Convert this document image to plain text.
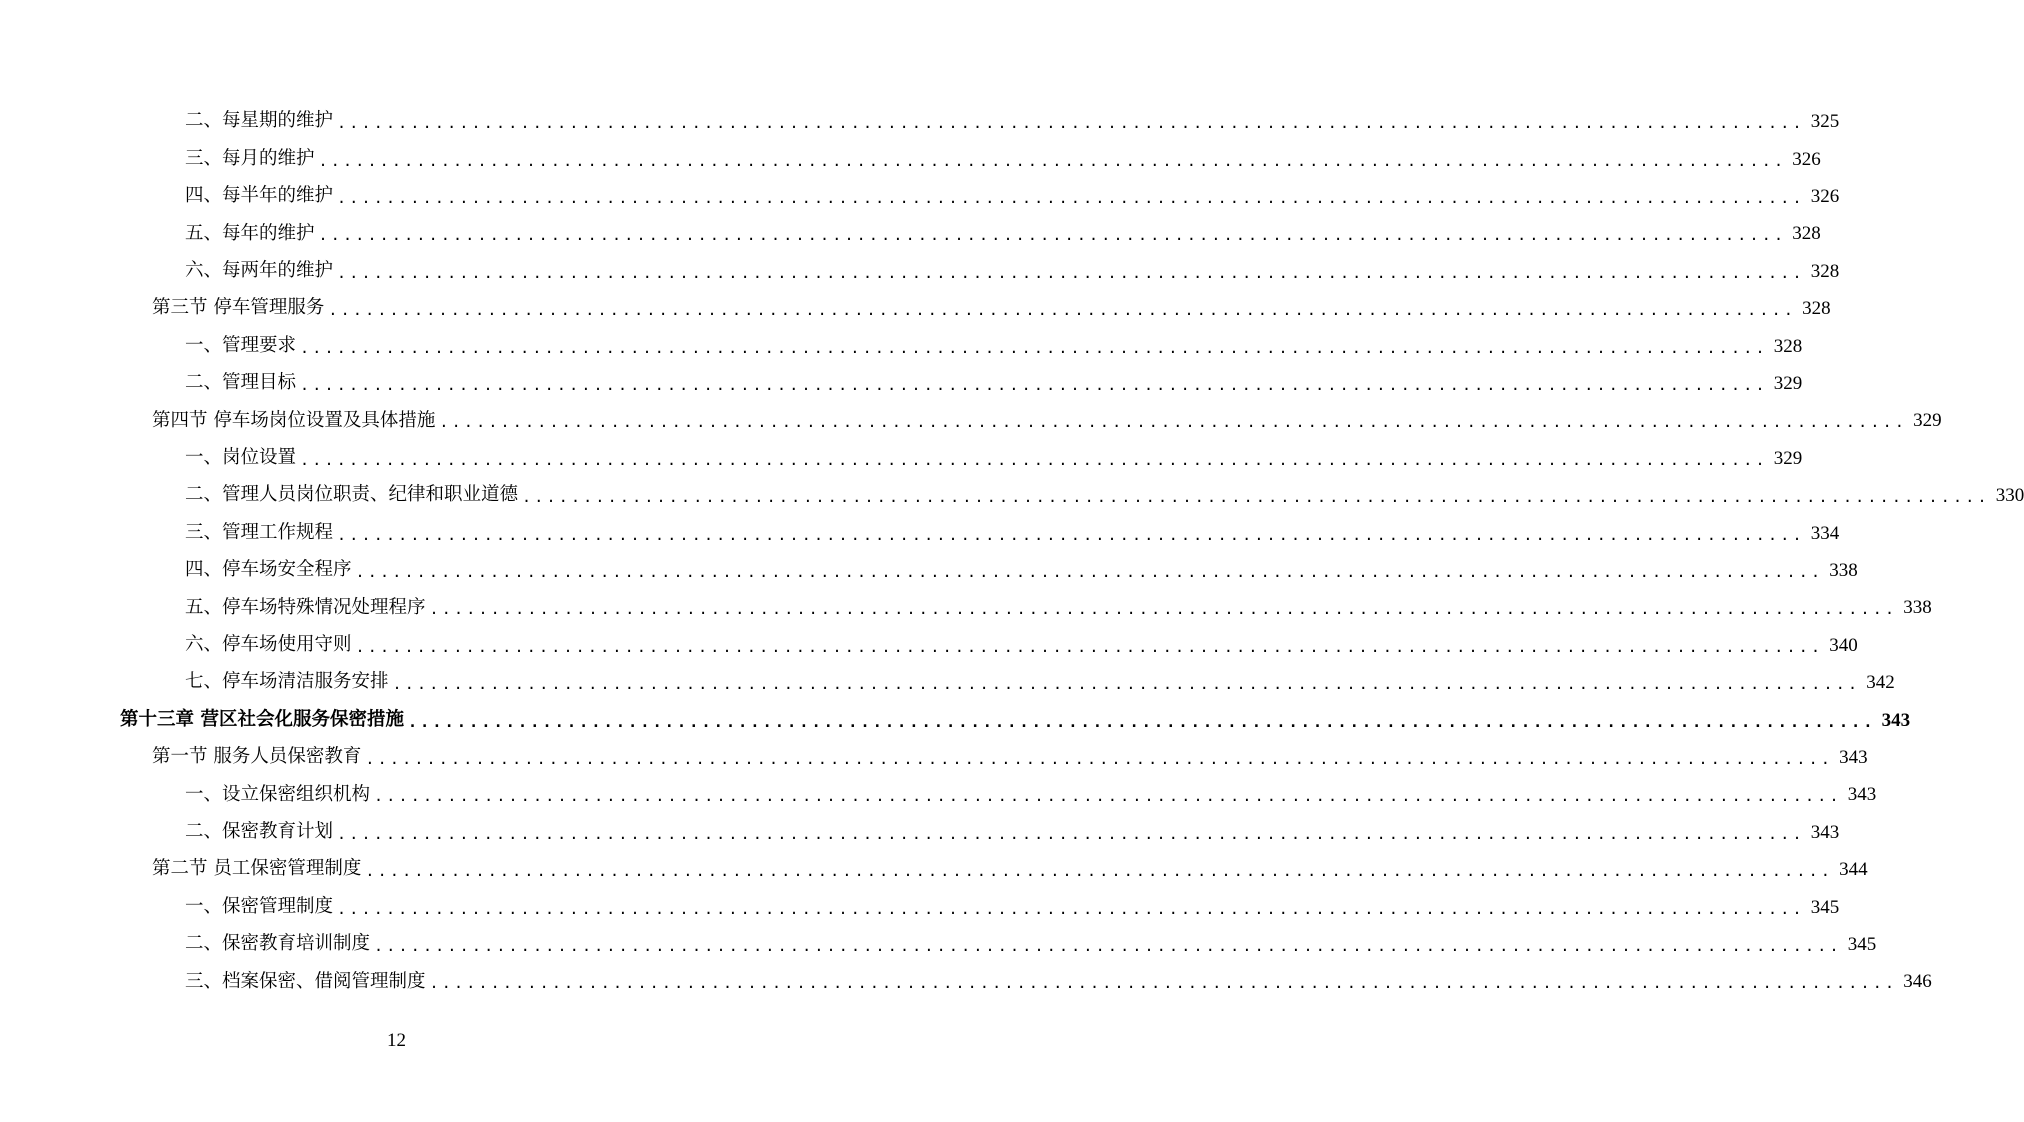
二、每星期的维护 ........................................................................................................................ 325
三、每月的维护 ........................................................................................................................ 326
四、每半年的维护 ........................................................................................................................ 326
五、每年的维护 ........................................................................................................................ 328
六、每两年的维护 ........................................................................................................................ 328
第三节 停车管理服务 ........................................................................................................................ 328
一、管理要求 ........................................................................................................................ 328
二、管理目标 ........................................................................................................................ 329
第四节 停车场岗位设置及具体措施 ........................................................................................................................ 329
一、岗位设置 ........................................................................................................................ 329
二、管理人员岗位职责、纪律和职业道德 ........................................................................................................................ 330
三、管理工作规程 ........................................................................................................................ 334
四、停车场安全程序 ........................................................................................................................ 338
五、停车场特殊情况处理程序 ........................................................................................................................ 338
六、停车场使用守则 ........................................................................................................................ 340
七、停车场清洁服务安排 ........................................................................................................................ 342
第十三章 营区社会化服务保密措施 ........................................................................................................................ 343
第一节 服务人员保密教育 ........................................................................................................................ 343
一、设立保密组织机构 ........................................................................................................................ 343
二、保密教育计划 ........................................................................................................................ 343
第二节 员工保密管理制度 ........................................................................................................................ 344
一、保密管理制度 ........................................................................................................................ 345
二、保密教育培训制度 ........................................................................................................................ 345
三、档案保密、借阅管理制度 ........................................................................................................................ 346
12
